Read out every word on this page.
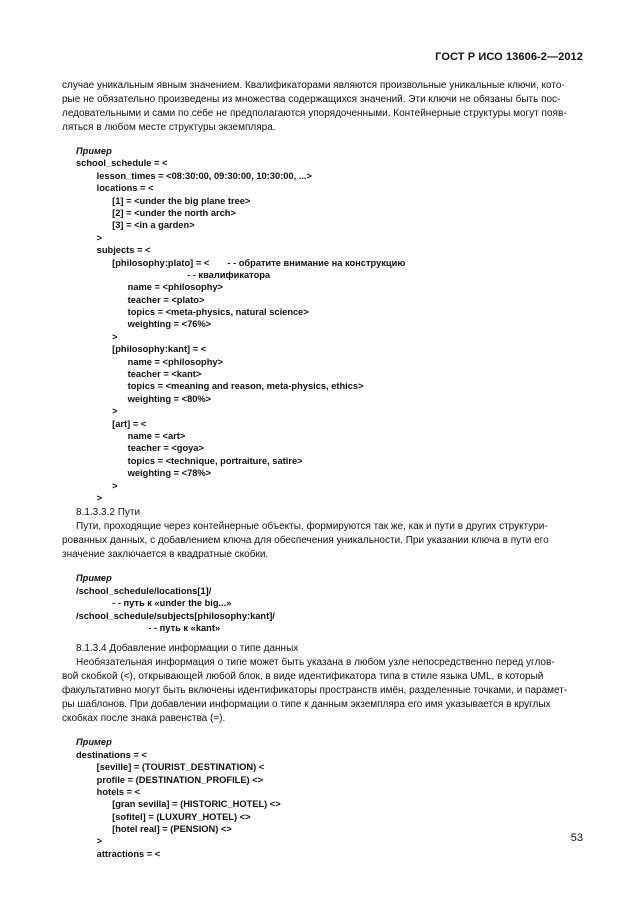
ГОСТ Р ИСО 13606-2—2012

случае уникальным явным значением. Квалификаторами являются произвольные уникальные ключи, кото-

рые не обязательно произведены из множества содержащихся значений. Эти ключи не обязаны быть пос-

ледовательными и сами по себе не предполагаются упорядоченными. Контейнерные структуры могут появ-

ляться в любом месте структуры экземпляра.

Пример
school_schedule = <
lesson_times = <08:30:00, 09:30:00, 10:30:00, ...>
locations = <
[1] = <under the big plane tree>
[2] = <under the north arch>
[3] = <in a garden>
>
subjects = <
[philosophy:plato] = <       - - обратите внимание на конструкцию
- - квалификатора
name = <philosophy>
teacher = <plato>
topics = <meta-physics, natural science>
weighting = <76%>
>
[philosophy:kant] = <
name = <philosophy>
teacher = <kant>
topics = <meaning and reason, meta-physics, ethics>
weighting = <80%>
>
[art] = <
name = <art>
teacher = <goya>
topics = <technique, portraiture, satire>
weighting = <78%>
>
>
8.1.3.3.2 Пути

Пути, проходящие через контейнерные объекты, формируются так же, как и пути в других структури-

рованных данных, с добавлением ключа для обеспечения уникальности. При указании ключа в пути его

значение заключается в квадратные скобки.

Пример
/school_schedule/locations[1]/
- - путь к «under the big...»
/school_schedule/subjects[philosophy:kant]/
- - путь к «kant»
8.1.3.4 Добавление информации о типе данных

Необязательная информация о типе может быть указана в любом узле непосредственно перед углов-

вой скобкой (<), открывающей любой блок, в виде идентификатора типа в стиле языка UML, в который

факультативно могут быть включены идентификаторы пространств имён, разделенные точками, и парамет-

ры шаблонов. При добавлении информации о типе к данным экземпляра его имя указывается в круглых

скобках после знака равенства (=).

Пример
destinations = <
[seville] = (TOURIST_DESTINATION) <
profile = (DESTINATION_PROFILE) <>
hotels = <
[gran sevilla] = (HISTORIC_HOTEL) <>
[sofitel] = (LUXURY_HOTEL) <>
[hotel real] = (PENSION) <>
>
attractions = <
53
